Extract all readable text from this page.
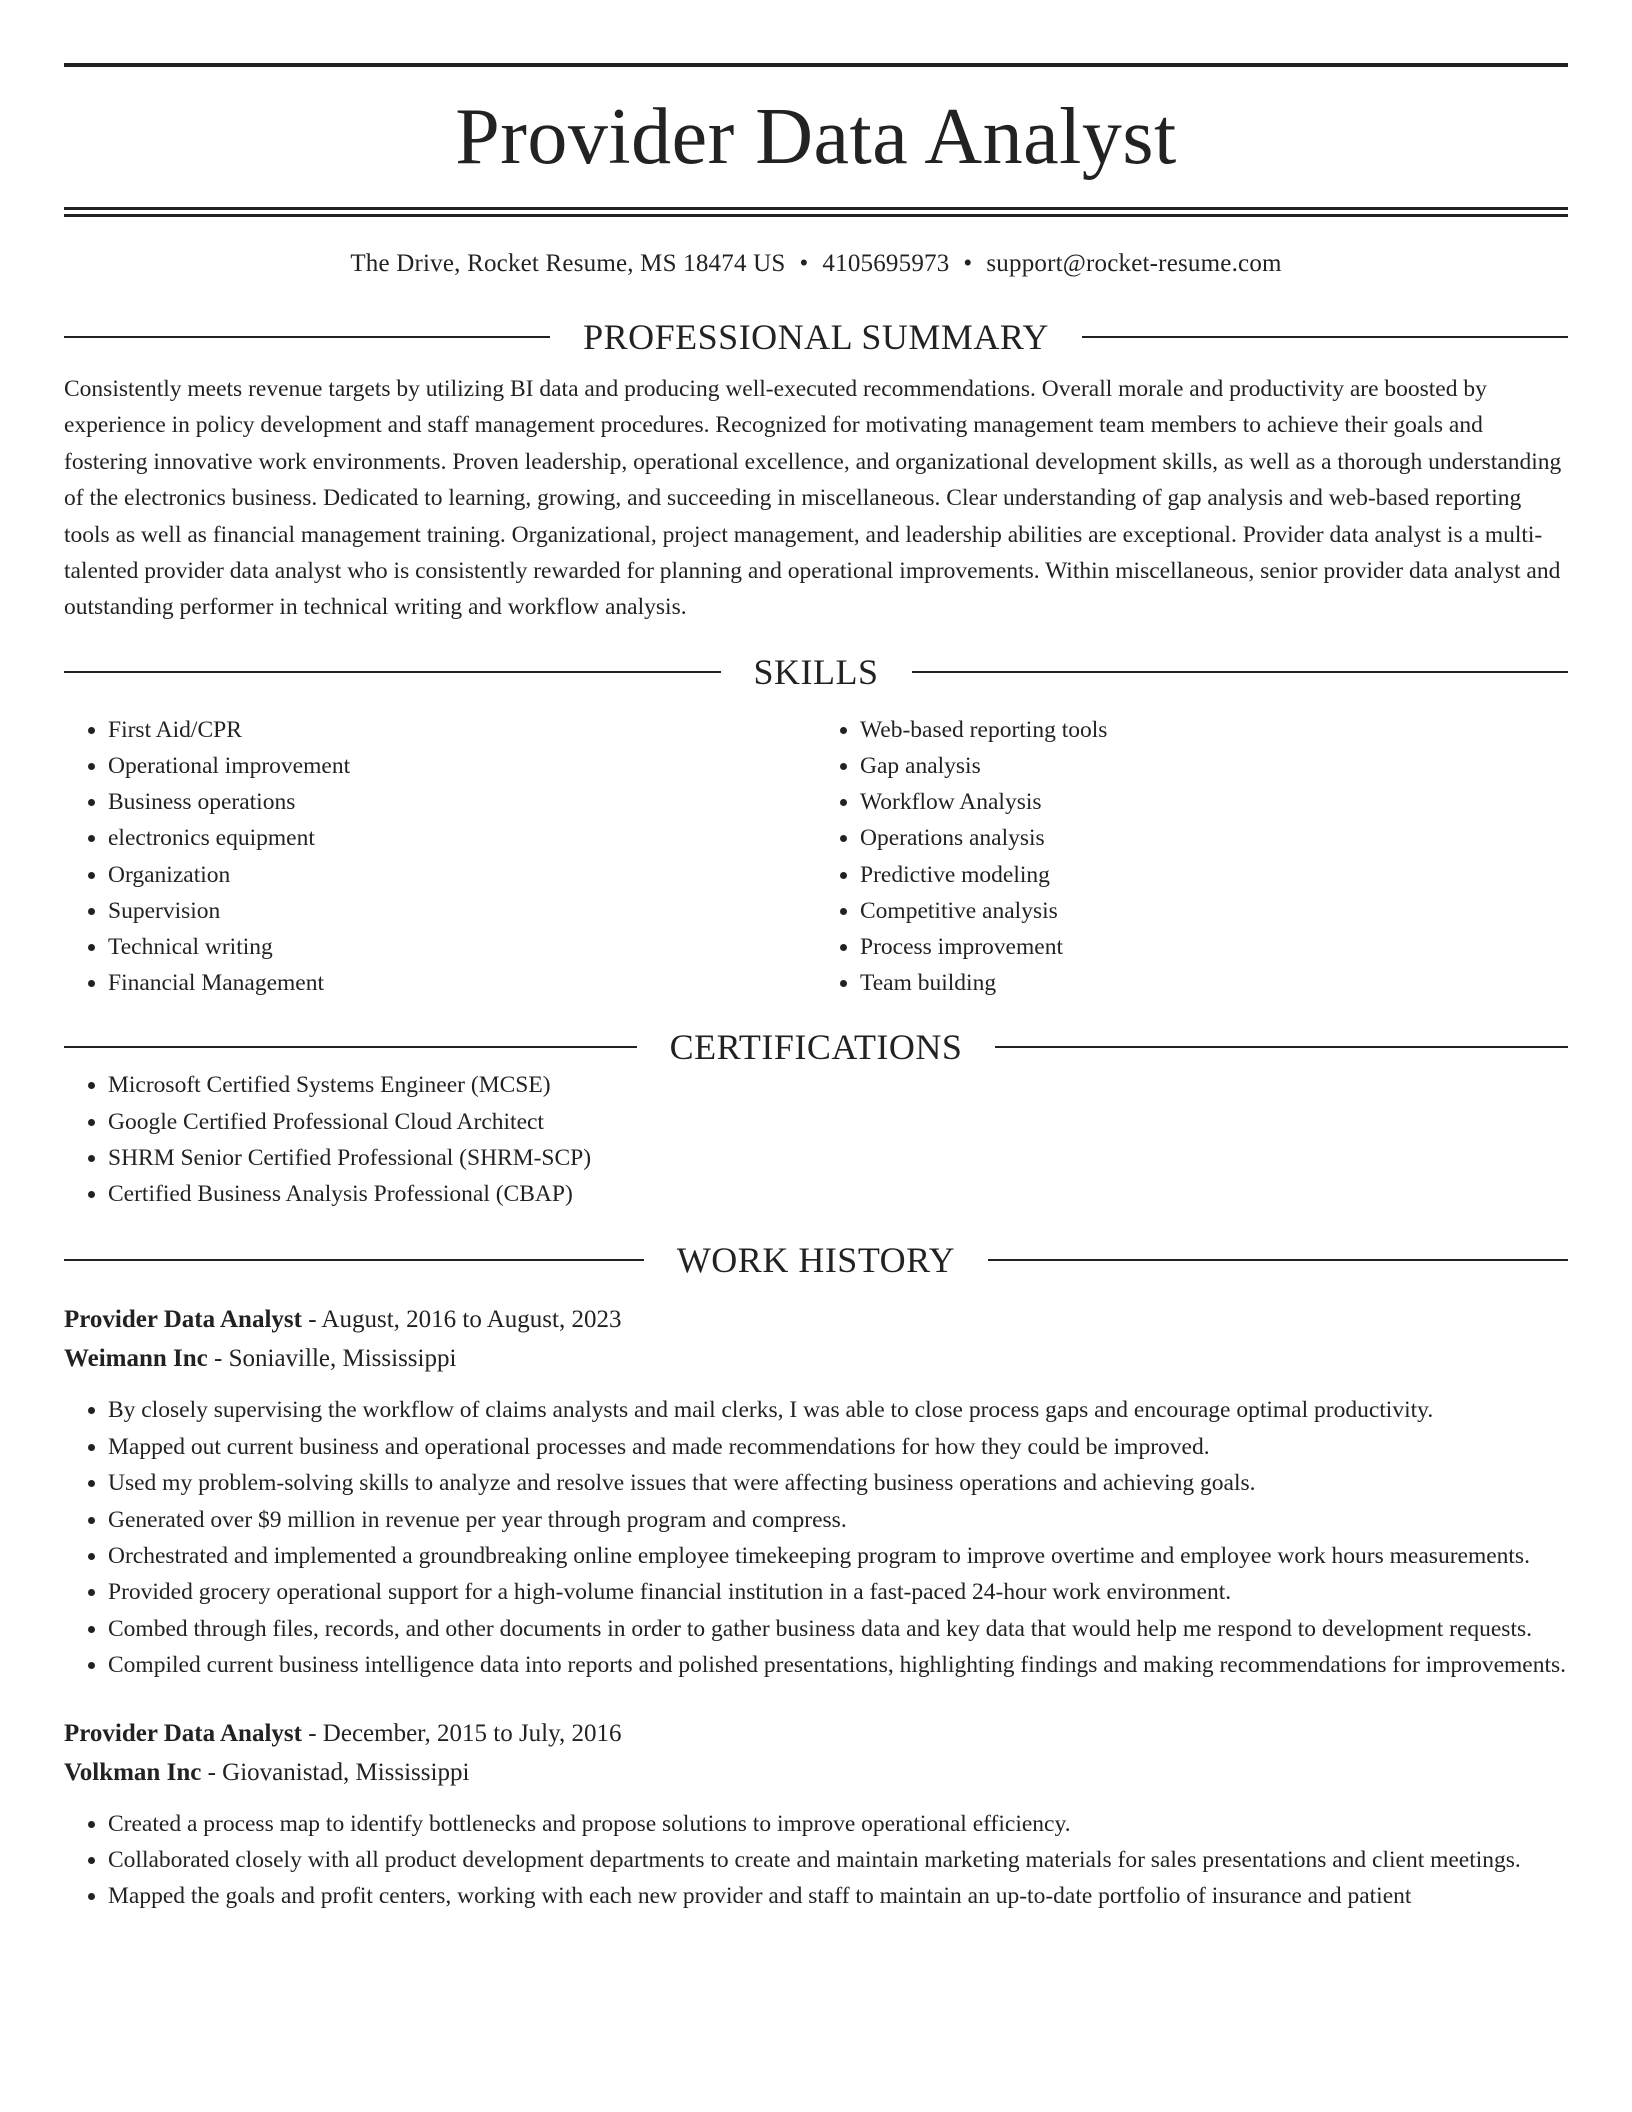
Provider Data Analyst
The Drive, Rocket Resume, MS 18474 US • 4105695973 • support@rocket-resume.com
PROFESSIONAL SUMMARY

Consistently meets revenue targets by utilizing BI data and producing well-executed recommendations. Overall morale and productivity are boosted by experience in policy development and staff management procedures. Recognized for motivating management team members to achieve their goals and fostering innovative work environments. Proven leadership, operational excellence, and organizational development skills, as well as a thorough understanding of the electronics business. Dedicated to learning, growing, and succeeding in miscellaneous. Clear understanding of gap analysis and web-based reporting tools as well as financial management training. Organizational, project management, and leadership abilities are exceptional. Provider data analyst is a multi-talented provider data analyst who is consistently rewarded for planning and operational improvements. Within miscellaneous, senior provider data analyst and outstanding performer in technical writing and workflow analysis.

SKILLS
• First Aid/CPR
• Operational improvement
• Business operations
• electronics equipment
• Organization
• Supervision
• Technical writing
• Financial Management
• Web-based reporting tools
• Gap analysis
• Workflow Analysis
• Operations analysis
• Predictive modeling
• Competitive analysis
• Process improvement
• Team building
CERTIFICATIONS
• Microsoft Certified Systems Engineer (MCSE)
• Google Certified Professional Cloud Architect
• SHRM Senior Certified Professional (SHRM-SCP)
• Certified Business Analysis Professional (CBAP)
WORK HISTORY
Provider Data Analyst - August, 2016 to August, 2023
Weimann Inc - Soniaville, Mississippi
• By closely supervising the workflow of claims analysts and mail clerks, I was able to close process gaps and encourage optimal productivity.
• Mapped out current business and operational processes and made recommendations for how they could be improved.
• Used my problem-solving skills to analyze and resolve issues that were affecting business operations and achieving goals.
• Generated over $9 million in revenue per year through program and compress.
• Orchestrated and implemented a groundbreaking online employee timekeeping program to improve overtime and employee work hours measurements.
• Provided grocery operational support for a high-volume financial institution in a fast-paced 24-hour work environment.
• Combed through files, records, and other documents in order to gather business data and key data that would help me respond to development requests.
• Compiled current business intelligence data into reports and polished presentations, highlighting findings and making recommendations for improvements.
Provider Data Analyst - December, 2015 to July, 2016
Volkman Inc - Giovanistad, Mississippi
• Created a process map to identify bottlenecks and propose solutions to improve operational efficiency.
• Collaborated closely with all product development departments to create and maintain marketing materials for sales presentations and client meetings.
• Mapped the goals and profit centers, working with each new provider and staff to maintain an up-to-date portfolio of insurance and patient
